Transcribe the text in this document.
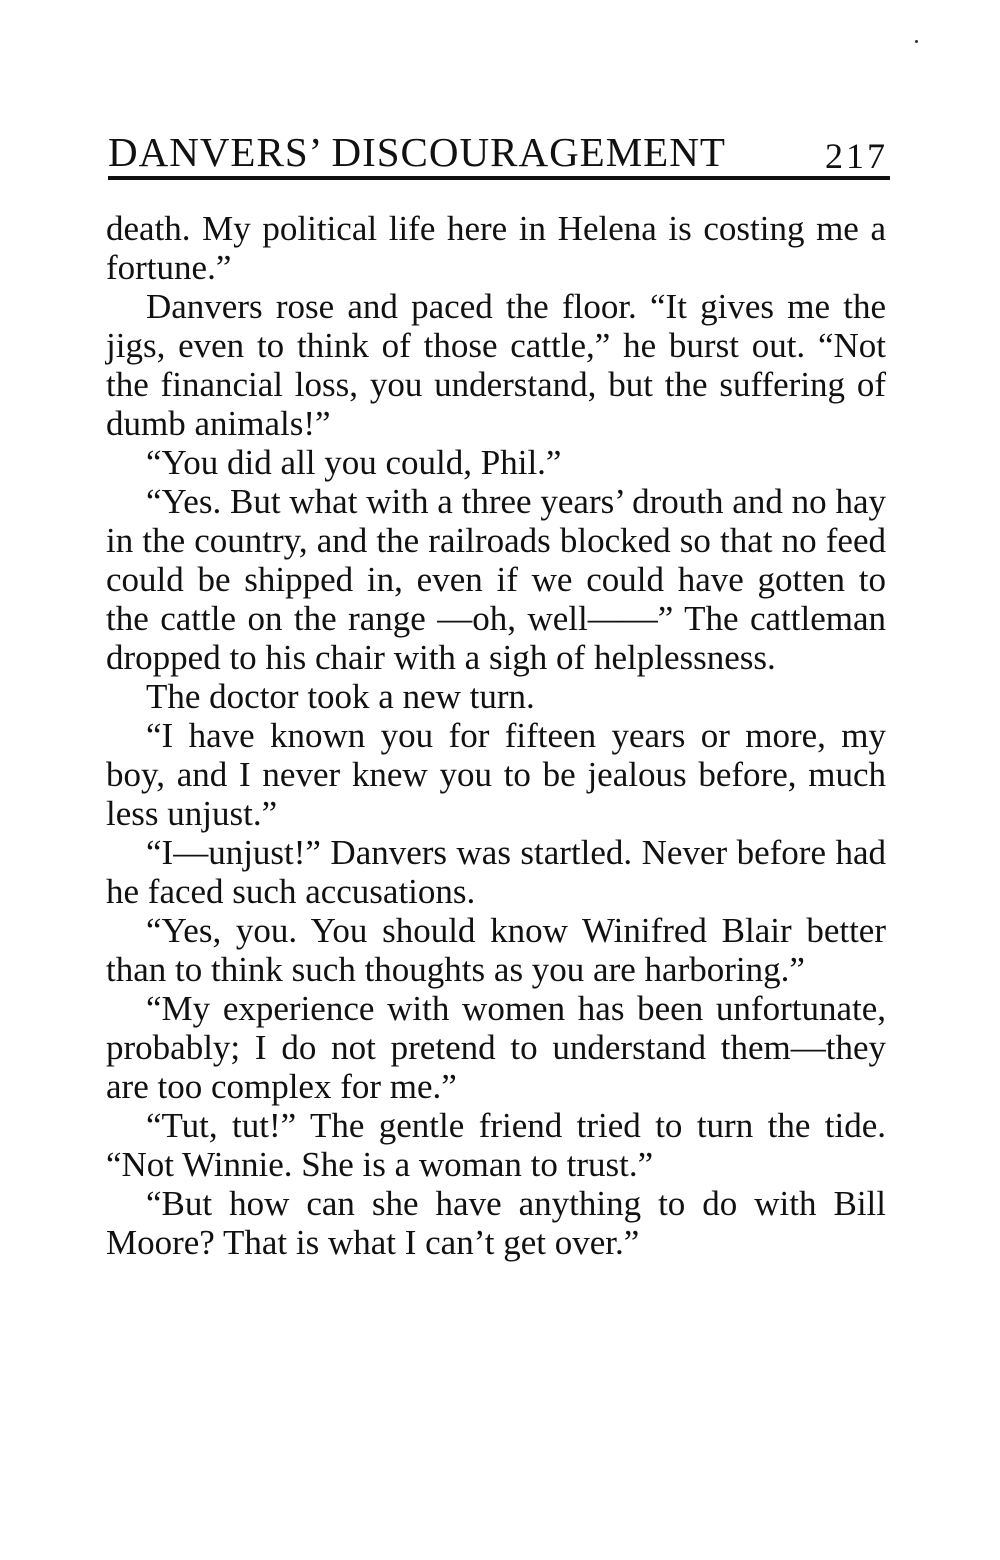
DANVERS’ DISCOURAGEMENT	217

death. My political life here in Helena is costing me a fortune.”

Danvers rose and paced the floor. “It gives me the jigs, even to think of those cattle,” he burst out. “Not the financial loss, you understand, but the suffering of dumb animals!”

“You did all you could, Phil.”

“Yes. But what with a three years’ drouth and no hay in the country, and the railroads blocked so that no feed could be shipped in, even if we could have gotten to the cattle on the range —oh, well——” The cattleman dropped to his chair with a sigh of helplessness.

The doctor took a new turn.

“I have known you for fifteen years or more, my boy, and I never knew you to be jealous before, much less unjust.”

“I—unjust!” Danvers was startled. Never before had he faced such accusations.

“Yes, you. You should know Winifred Blair better than to think such thoughts as you are harboring.”

“My experience with women has been unfortunate, probably; I do not pretend to understand them—they are too complex for me.”

“Tut, tut!” The gentle friend tried to turn the tide. “Not Winnie. She is a woman to trust.”

“But how can she have anything to do with Bill Moore? That is what I can’t get over.”
